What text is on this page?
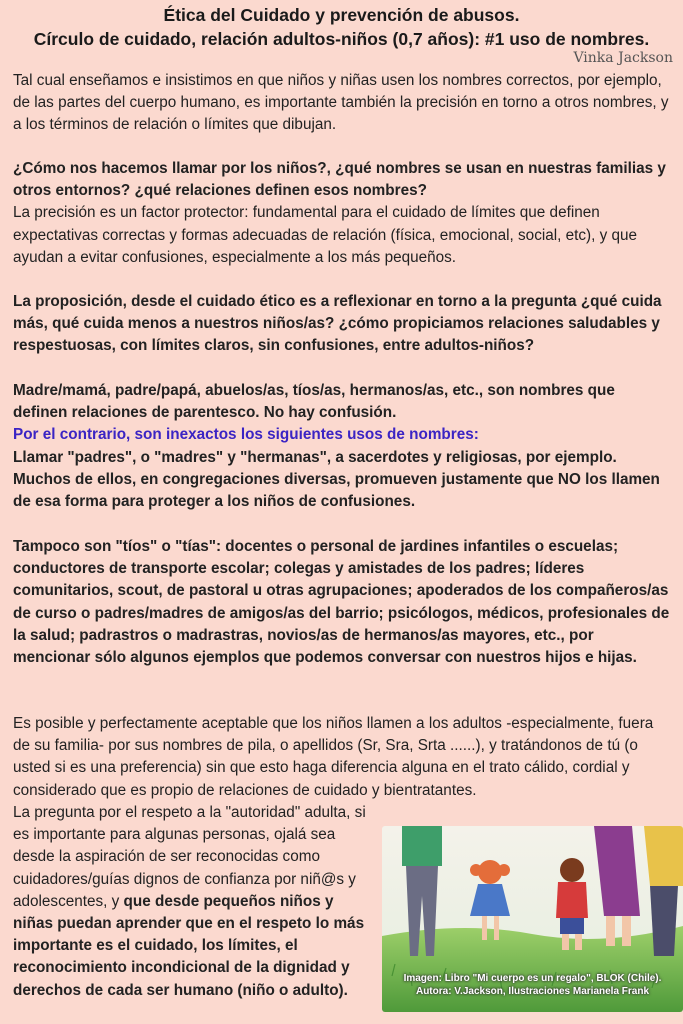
Ética del Cuidado y prevención de abusos.
Círculo de cuidado, relación adultos-niños (0,7 años): #1 uso de nombres.
Vinka Jackson

Tal cual enseñamos e insistimos en que niños y niñas usen los nombres correctos, por ejemplo, de las partes del cuerpo humano, es importante también la precisión en torno a otros nombres, y a los términos de relación o límites que dibujan.

¿Cómo nos hacemos llamar por los niños?, ¿qué nombres se usan en nuestras familias y otros entornos? ¿qué relaciones definen esos nombres?
La precisión es un factor protector: fundamental para el cuidado de límites que definen expectativas correctas y formas adecuadas de relación (física, emocional, social, etc), y que ayudan a evitar confusiones, especialmente a los más pequeños.

La proposición, desde el cuidado ético es a reflexionar en torno a la pregunta ¿qué cuida más, qué cuida menos a nuestros niños/as? ¿cómo propiciamos relaciones saludables y respestuosas, con límites claros, sin confusiones, entre adultos-niños?

Madre/mamá, padre/papá, abuelos/as, tíos/as, hermanos/as, etc., son nombres que definen relaciones de parentesco. No hay confusión.
Por el contrario, son inexactos los siguientes usos de nombres:
Llamar "padres", o "madres" y "hermanas", a sacerdotes y religiosas, por ejemplo. Muchos de ellos, en congregaciones diversas, promueven justamente que NO los llamen de esa forma para proteger a los niños de confusiones.

Tampoco son "tíos" o "tías": docentes o personal de jardines infantiles o escuelas; conductores de transporte escolar; colegas y amistades de los padres; líderes comunitarios, scout, de pastoral u otras agrupaciones; apoderados de los compañeros/as de curso o padres/madres de amigos/as del barrio; psicólogos, médicos, profesionales de la salud; padrastros o madrastras, novios/as de hermanos/as mayores, etc., por mencionar sólo algunos ejemplos que podemos conversar con nuestros hijos e hijas.

Es posible y perfectamente aceptable que los niños llamen a los adultos -especialmente, fuera de su familia- por sus nombres de pila, o apellidos (Sr, Sra, Srta ......), y tratándonos de tú (o usted si es una preferencia) sin que esto haga diferencia alguna en el trato cálido, cordial y considerado que es propio de relaciones de cuidado y bientratantes.

La pregunta por el respeto a la "autoridad" adulta, si es importante para algunas personas, ojalá sea desde la aspiración de ser reconocidas como cuidadores/guías dignos de confianza por niñ@s y adolescentes, y que desde pequeños niños y niñas puedan aprender que en el respeto lo más importante es el cuidado, los límites, el reconocimiento incondicional de la dignidad y derechos de cada ser humano (niño o adulto).
Imagen: Libro "Mi cuerpo es un regalo", BLOK (Chile).
Autora: V.Jackson, Ilustraciones Marianela Frank
